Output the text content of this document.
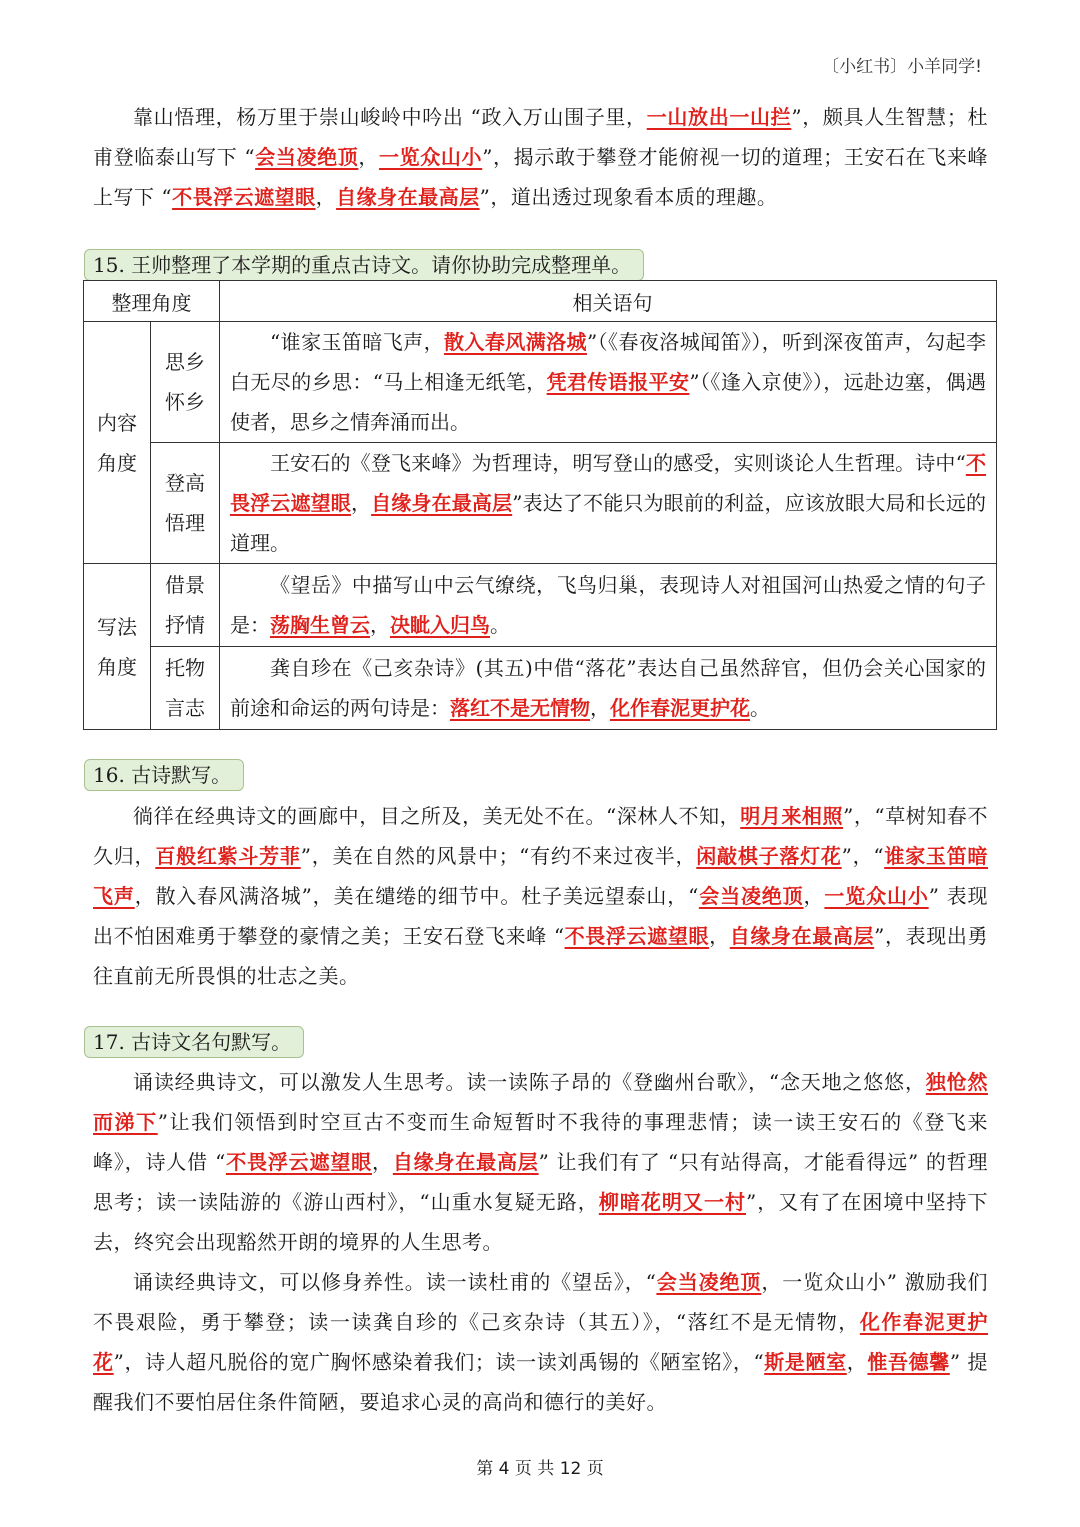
〔小红书〕小羊同学!
靠山悟理，杨万里于崇山峻岭中吟出 “政入万山围子里，一山放出一山拦”，颇具人生智慧；杜甫登临泰山写下 “会当凌绝顶，一览众山小”，揭示敢于攀登才能俯视一切的道理；王安石在飞来峰上写下 “不畏浮云遮望眼，自缘身在最高层”，道出透过现象看本质的理趣。
15. 王帅整理了本学期的重点古诗文。请你协助完成整理单。
整理角度		相关语句
内容角度	思乡怀乡	“谁家玉笛暗飞声，散入春风满洛城”（《春夜洛城闻笛》），听到深夜笛声，勾起李白无尽的乡思：“马上相逢无纸笔，凭君传语报平安”（《逢入京使》），远赴边塞，偶遇使者，思乡之情奔涌而出。
	登高悟理	王安石的《登飞来峰》为哲理诗，明写登山的感受，实则谈论人生哲理。诗中“不畏浮云遮望眼，自缘身在最高层”表达了不能只为眼前的利益，应该放眼大局和长远的道理。
写法角度	借景抒情	《望岳》中描写山中云气缭绕，飞鸟归巢，表现诗人对祖国河山热爱之情的句子是：荡胸生曾云，决眦入归鸟。
	托物言志	龚自珍在《己亥杂诗》(其五)中借“落花”表达自己虽然辞官，但仍会关心国家的前途和命运的两句诗是：落红不是无情物，化作春泥更护花。
16. 古诗默写。
徜徉在经典诗文的画廊中，目之所及，美无处不在。“深林人不知，明月来相照”，“草树知春不久归，百般红紫斗芳菲”，美在自然的风景中；“有约不来过夜半，闲敲棋子落灯花”，“谁家玉笛暗飞声，散入春风满洛城”，美在缱绻的细节中。杜子美远望泰山，“会当凌绝顶，一览众山小” 表现出不怕困难勇于攀登的豪情之美；王安石登飞来峰 “不畏浮云遮望眼，自缘身在最高层”，表现出勇往直前无所畏惧的壮志之美。
17. 古诗文名句默写。
诵读经典诗文，可以激发人生思考。读一读陈子昂的《登幽州台歌》，“念天地之悠悠，独怆然而涕下”让我们领悟到时空亘古不变而生命短暂时不我待的事理悲情；读一读王安石的《登飞来峰》，诗人借 “不畏浮云遮望眼，自缘身在最高层” 让我们有了 “只有站得高，才能看得远” 的哲理思考；读一读陆游的《游山西村》，“山重水复疑无路，柳暗花明又一村”，又有了在困境中坚持下去，终究会出现豁然开朗的境界的人生思考。
诵读经典诗文，可以修身养性。读一读杜甫的《望岳》，“会当凌绝顶，一览众山小” 激励我们不畏艰险，勇于攀登；读一读龚自珍的《己亥杂诗（其五）》，“落红不是无情物，化作春泥更护花”，诗人超凡脱俗的宽广胸怀感染着我们；读一读刘禹锡的《陋室铭》，“斯是陋室，惟吾德馨” 提醒我们不要怕居住条件简陋，要追求心灵的高尚和德行的美好。
第 4 页 共 12 页
